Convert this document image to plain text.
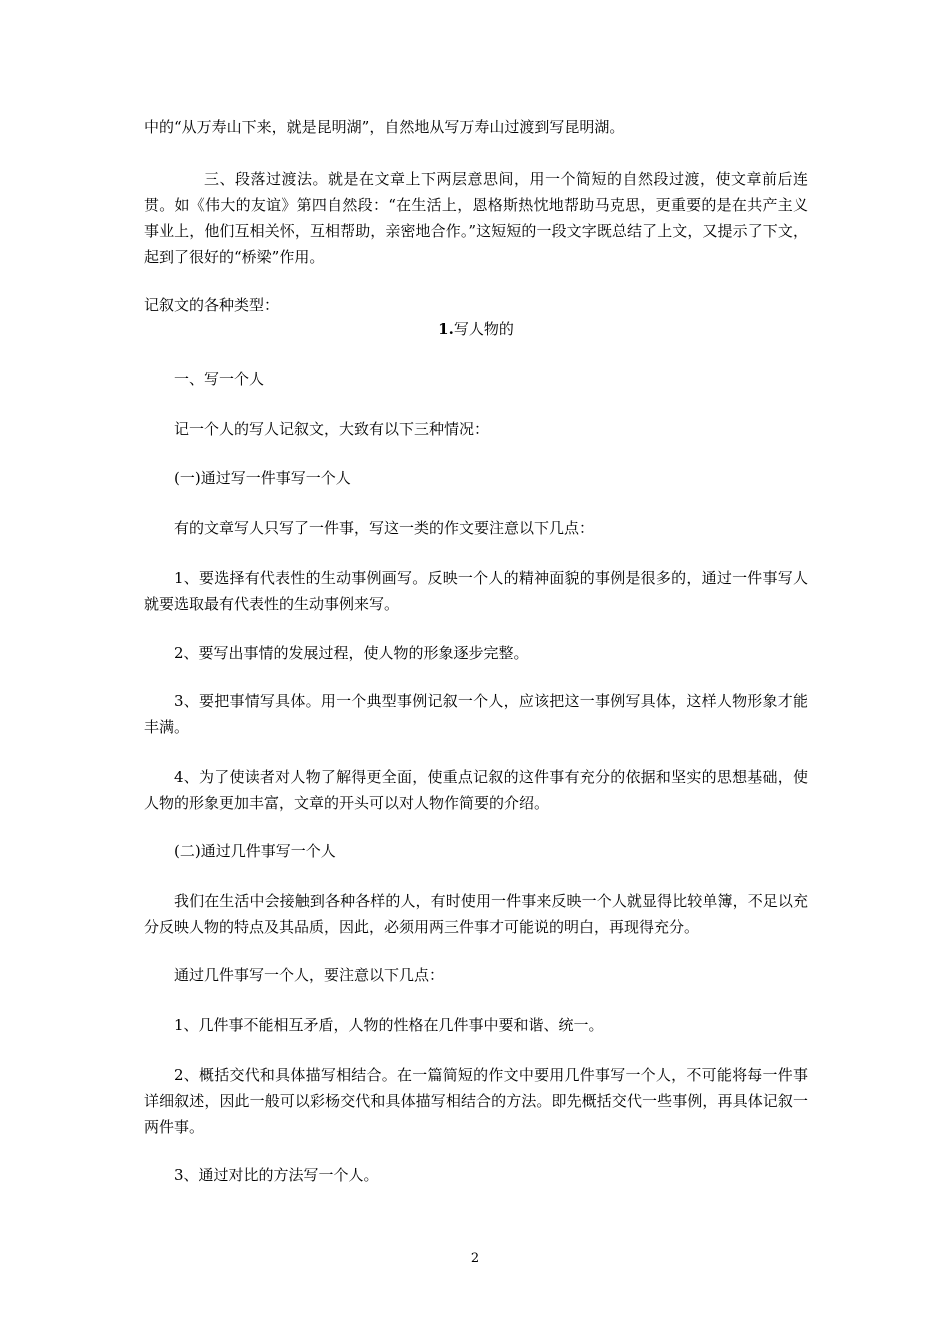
中的“从万寿山下来，就是昆明湖”，自然地从写万寿山过渡到写昆明湖。

三、段落过渡法。就是在文章上下两层意思间，用一个简短的自然段过渡，使文章前后连贯。如《伟大的友谊》第四自然段：“在生活上，恩格斯热忱地帮助马克思，更重要的是在共产主义事业上，他们互相关怀，互相帮助，亲密地合作。”这短短的一段文字既总结了上文，又提示了下文，起到了很好的“桥梁”作用。

记叙文的各种类型：

1.写人物的

一、写一个人

记一个人的写人记叙文，大致有以下三种情况：

(一)通过写一件事写一个人

有的文章写人只写了一件事，写这一类的作文要注意以下几点：

1、要选择有代表性的生动事例画写。反映一个人的精神面貌的事例是很多的，通过一件事写人就要选取最有代表性的生动事例来写。

2、要写出事情的发展过程，使人物的形象逐步完整。

3、要把事情写具体。用一个典型事例记叙一个人，应该把这一事例写具体，这样人物形象才能丰满。

4、为了使读者对人物了解得更全面，使重点记叙的这件事有充分的依据和坚实的思想基础，使人物的形象更加丰富，文章的开头可以对人物作简要的介绍。

(二)通过几件事写一个人

我们在生活中会接触到各种各样的人，有时使用一件事来反映一个人就显得比较单簿，不足以充分反映人物的特点及其品质，因此，必须用两三件事才可能说的明白，再现得充分。

通过几件事写一个人，要注意以下几点：

1、几件事不能相互矛盾，人物的性格在几件事中要和谐、统一。

2、概括交代和具体描写相结合。在一篇简短的作文中要用几件事写一个人，不可能将每一件事详细叙述，因此一般可以彩杨交代和具体描写相结合的方法。即先概括交代一些事例，再具体记叙一两件事。

3、通过对比的方法写一个人。

2
